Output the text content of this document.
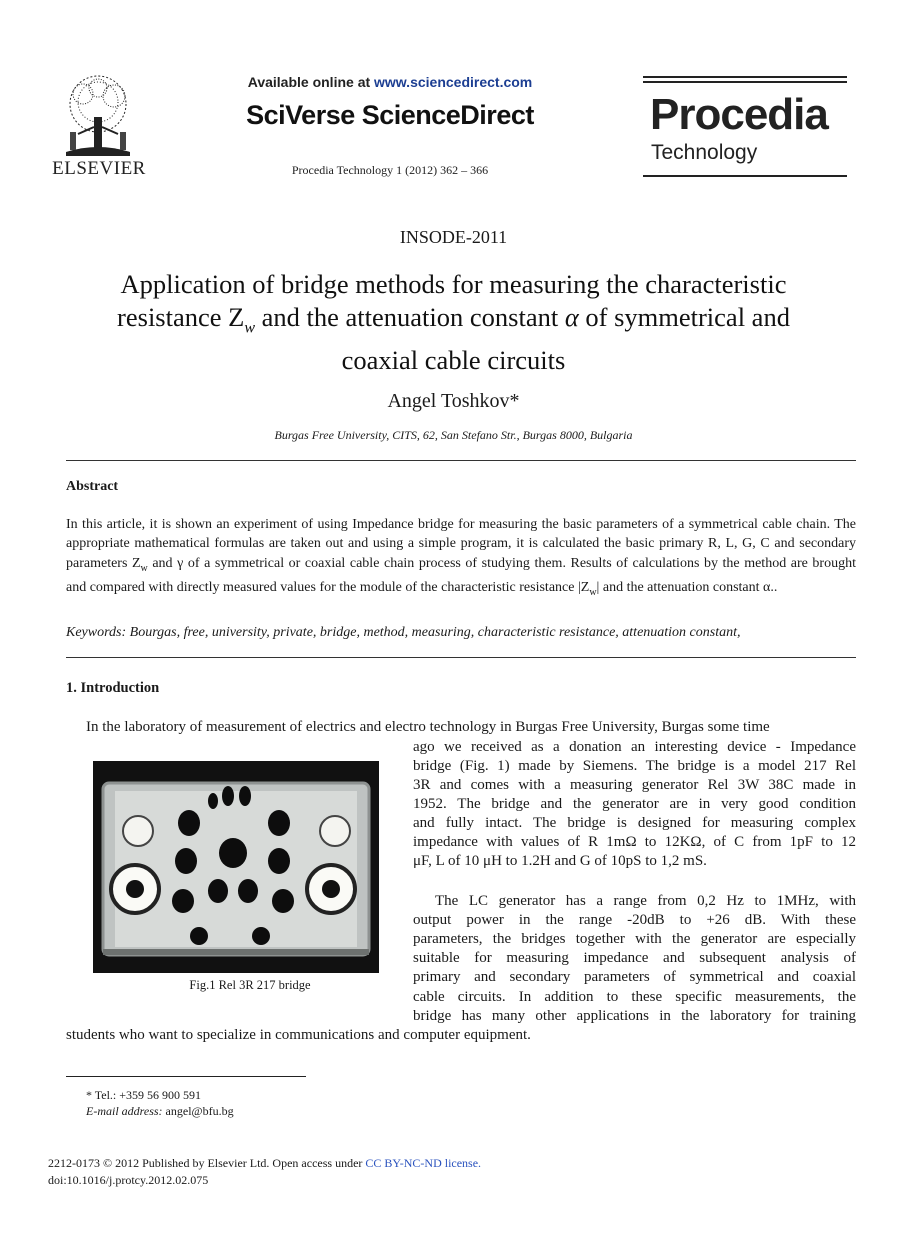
ELSEVIER
Available online at www.sciencedirect.com
SciVerse ScienceDirect
Procedia Technology 1 (2012) 362 – 366
Procedia
Technology
INSODE-2011
Application of bridge methods for measuring the characteristic resistance $Z_w$ and the attenuation constant α of symmetrical and coaxial cable circuits
Angel Toshkov*
Burgas Free University, CITS, 62, San Stefano Str., Burgas 8000, Bulgaria
Abstract
In this article, it is shown an experiment of using Impedance bridge for measuring the basic parameters of a symmetrical cable chain. The appropriate mathematical formulas are taken out and using a simple program, it is calculated the basic primary R, L, G, C and secondary parameters $Z_w$ and γ of a symmetrical or coaxial cable chain process of studying them. Results of calculations by the method are brought and compared with directly measured values for the module of the characteristic resistance $|Z_w|$ and the attenuation constant α..
Keywords: Bourgas, free, university, private, bridge, method, measuring, characteristic resistance, attenuation constant,
1. Introduction
In the laboratory of measurement of electrics and electro technology in Burgas Free University, Burgas some time
ago we received as a donation an interesting device - Impedance
bridge (Fig. 1) made by Siemens. The bridge is a model 217 Rel
3R and comes with a measuring generator Rel 3W 38C made in
1952. The bridge and the generator are in very good condition
and fully intact. The bridge is designed for measuring complex
impedance with values of R 1mΩ to 12KΩ, of C from 1pF to 12
μF, L of 10 μH to 1.2H and G of 10pS to 1,2 mS.
The LC generator has a range from 0,2 Hz to 1MHz, with
output power in the range -20dB to +26 dB. With these
parameters, the bridges together with the generator are especially
suitable for measuring impedance and subsequent analysis of
primary and secondary parameters of symmetrical and coaxial
cable circuits. In addition to these specific measurements, the
bridge has many other applications in the laboratory for training
students who want to specialize in communications and computer equipment.
Fig.1 Rel 3R 217 bridge
* Tel.: +359 56 900 591
E-mail address: angel@bfu.bg
2212-0173 © 2012 Published by Elsevier Ltd. Open access under CC BY-NC-ND license.
doi:10.1016/j.protcy.2012.02.075
